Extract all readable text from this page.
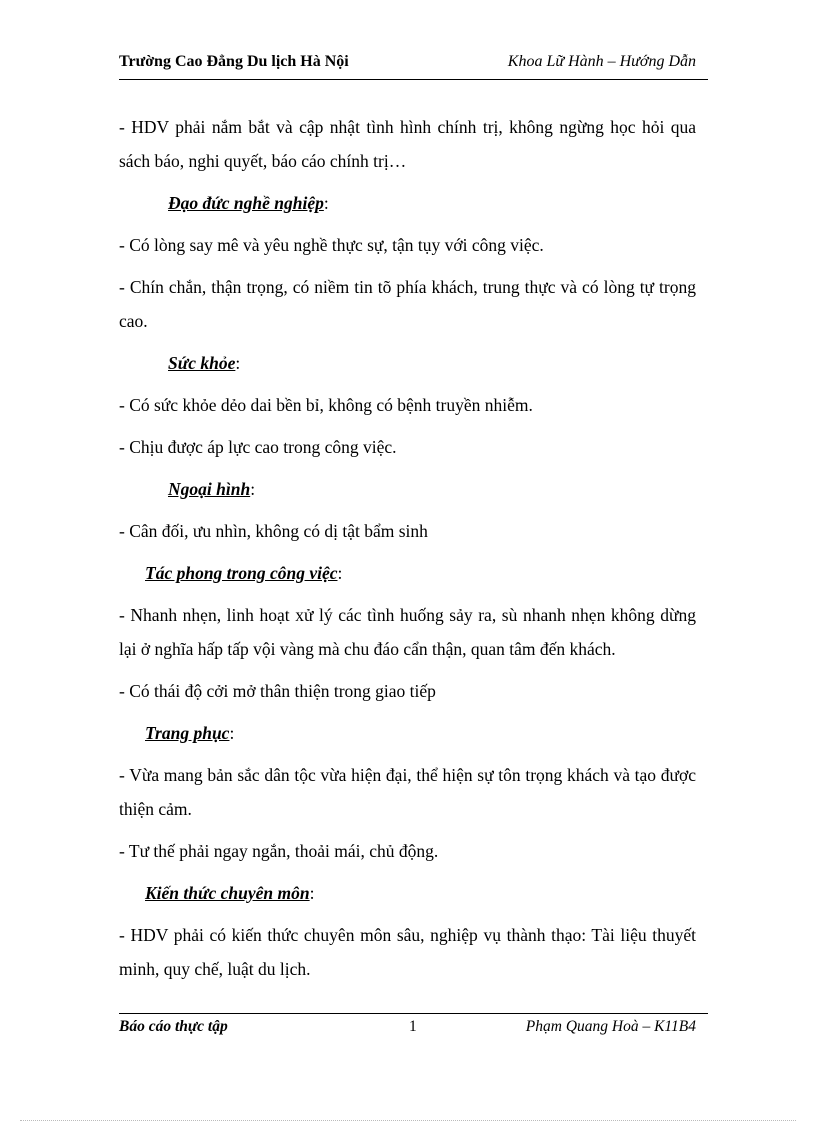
Trường Cao Đẳng Du lịch Hà Nội	Khoa Lữ Hành – Hướng Dẫn

- HDV phải nắm bắt và cập nhật tình hình chính trị, không ngừng học hỏi qua sách báo, nghi quyết, báo cáo chính trị…

Đạo đức nghề nghiệp:

- Có lòng say mê và yêu nghề thực sự, tận tụy với công việc.

- Chín chắn, thận trọng, có niềm tin tõ phía khách, trung thực và có lòng tự trọng cao.

Sức khỏe:

- Có sức khỏe dẻo dai bền bỉ, không có bệnh truyền nhiễm.

- Chịu được áp lực cao trong công việc.

Ngoại hình:

- Cân đối, ưu nhìn, không có dị tật bẩm sinh

Tác phong trong công việc:

- Nhanh nhẹn, linh hoạt xử lý các tình huống sảy ra, sù nhanh nhẹn không dừng lại ở nghĩa hấp tấp vội vàng mà chu đáo cẩn thận, quan tâm đến khách.

- Có thái độ cởi mở thân thiện trong giao tiếp

Trang phục:

- Vừa mang bản sắc dân tộc vừa hiện đại, thể hiện sự tôn trọng khách và tạo được thiện cảm.

- Tư thế phải ngay ngắn, thoải mái, chủ động.

Kiến thức chuyên môn:

- HDV phải có kiến thức chuyên môn sâu, nghiệp vụ thành thạo: Tài liệu thuyết minh, quy chế, luật du lịch.

Báo cáo thực tập	1	Phạm Quang Hoà – K11B4
